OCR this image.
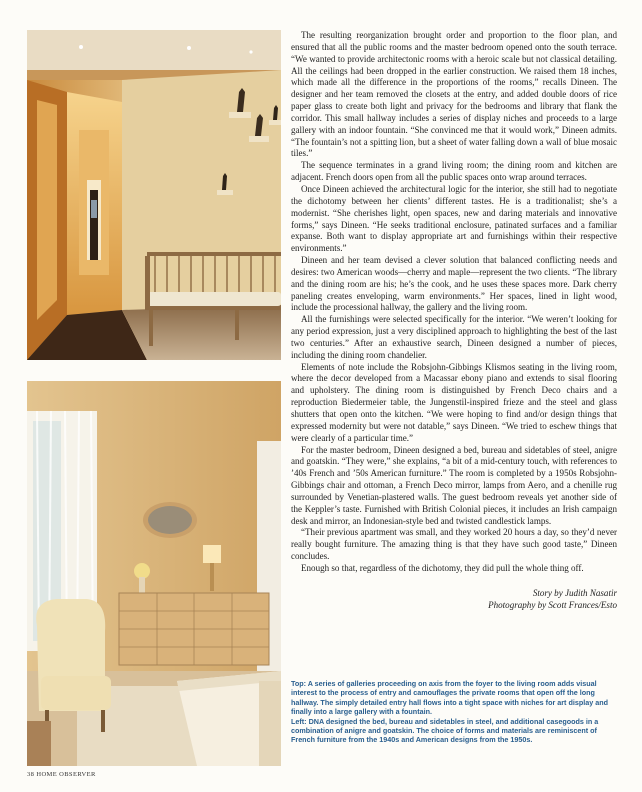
The resulting reorganization brought order and proportion to the floor plan, and ensured that all the public rooms and the master bedroom opened onto the south terrace. “We wanted to provide architectonic rooms with a heroic scale but not classical detailing. All the ceilings had been dropped in the earlier construction. We raised them 18 inches, which made all the difference in the proportions of the rooms,” recalls Dineen. The designer and her team removed the closets at the entry, and added double doors of rice paper glass to create both light and privacy for the bedrooms and library that flank the corridor. This small hallway includes a series of display niches and proceeds to a large gallery with an indoor fountain. “She convinced me that it would work,” Dineen admits. “The fountain’s not a spitting lion, but a sheet of water falling down a wall of blue mosaic tiles.”

The sequence terminates in a grand living room; the dining room and kitchen are adjacent. French doors open from all the public spaces onto wrap around terraces.

Once Dineen achieved the architectural logic for the interior, she still had to negotiate the dichotomy between her clients’ different tastes. He is a traditionalist; she’s a modernist. “She cherishes light, open spaces, new and daring materials and innovative forms,” says Dineen. “He seeks traditional enclosure, patinated surfaces and a familiar expanse. Both want to display appropriate art and furnishings within their respective environments.”

Dineen and her team devised a clever solution that balanced conflicting needs and desires: two American woods—cherry and maple—represent the two clients. “The library and the dining room are his; he’s the cook, and he uses these spaces more. Dark cherry paneling creates enveloping, warm environments.” Her spaces, lined in light wood, include the processional hallway, the gallery and the living room.

All the furnishings were selected specifically for the interior. “We weren’t looking for any period expression, just a very disciplined approach to highlighting the best of the last two centuries.” After an exhaustive search, Dineen designed a number of pieces, including the dining room chandelier.

Elements of note include the Robsjohn-Gibbings Klismos seating in the living room, where the decor developed from a Macassar ebony piano and extends to sisal flooring and upholstery. The dining room is distinguished by French Deco chairs and a reproduction Biedermeier table, the Jungenstil-inspired frieze and the steel and glass shutters that open onto the kitchen. “We were hoping to find and/or design things that expressed modernity but were not datable,” says Dineen. “We tried to eschew things that were clearly of a particular time.”

For the master bedroom, Dineen designed a bed, bureau and sidetables of steel, anigre and goatskin. “They were,” she explains, “a bit of a mid-century touch, with references to ’40s French and ’50s American furniture.” The room is completed by a 1950s Robsjohn-Gibbings chair and ottoman, a French Deco mirror, lamps from Aero, and a chenille rug surrounded by Venetian-plastered walls. The guest bedroom reveals yet another side of the Keppler’s taste. Furnished with British Colonial pieces, it includes an Irish campaign desk and mirror, an Indonesian-style bed and twisted candlestick lamps.

“Their previous apartment was small, and they worked 20 hours a day, so they’d never really bought furniture. The amazing thing is that they have such good taste,” Dineen concludes.

Enough so that, regardless of the dichotomy, they did pull the whole thing off.

Story by Judith Nasatir
Photography by Scott Frances/Esto

Top: A series of galleries proceeding on axis from the foyer to the living room adds visual interest to the process of entry and camouflages the private rooms that open off the long hallway. The simply detailed entry hall flows into a tight space with niches for art display and finally into a large gallery with a fountain.

Left: DNA designed the bed, bureau and sidetables in steel, and additional casegoods in a combination of anigre and goatskin. The choice of forms and materials are reminiscent of French furniture from the 1940s and American designs from the 1950s.

38 HOME OBSERVER
